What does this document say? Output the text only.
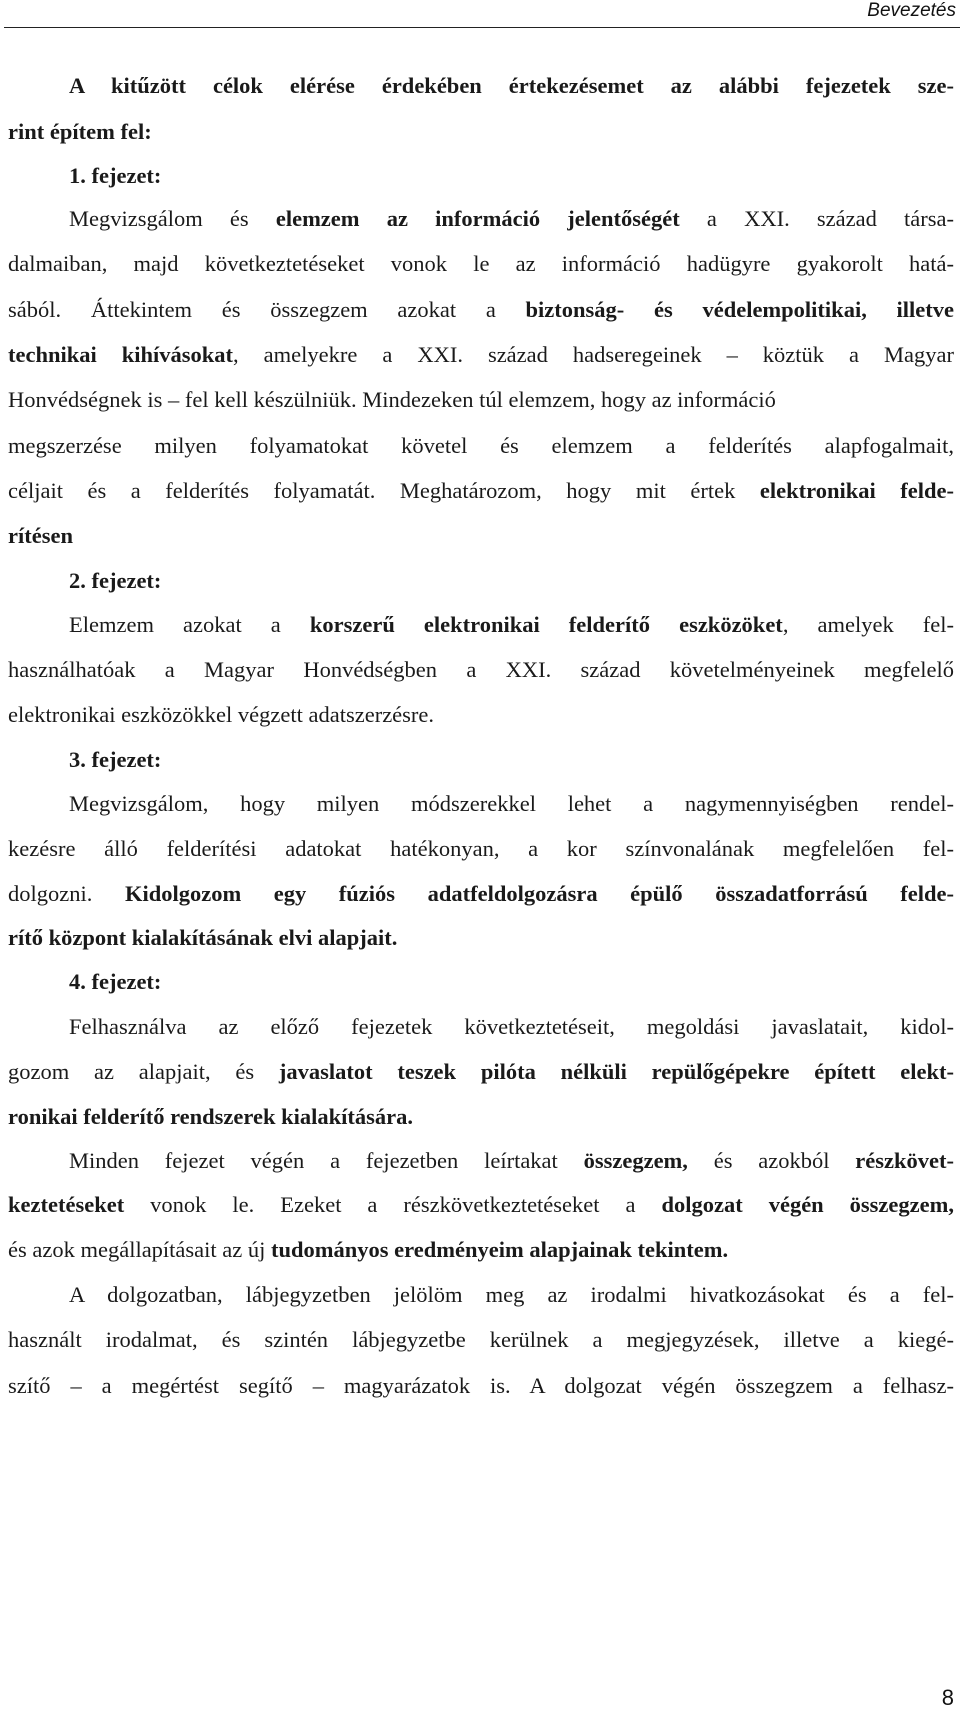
Bevezetés
A kitűzött célok elérése érdekében értekezésemet az alábbi fejezetek sze-
rint építem fel:
1. fejezet:
Megvizsgálom és elemzem az információ jelentőségét a XXI. század társa-
dalmaiban, majd következtetéseket vonok le az információ hadügyre gyakorolt hatá-
sából. Áttekintem és összegzem azokat a biztonság- és védelempolitikai, illetve
technikai kihívásokat, amelyekre a XXI. század hadseregeinek – köztük a Magyar
Honvédségnek is – fel kell készülniük. Mindezeken túl elemzem, hogy az információ
megszerzése milyen folyamatokat követel és elemzem a felderítés alapfogalmait,
céljait és a felderítés folyamatát. Meghatározom, hogy mit értek elektronikai felde-
rítésen
2. fejezet:
Elemzem azokat a korszerű elektronikai felderítő eszközöket, amelyek fel-
használhatóak a Magyar Honvédségben a XXI. század követelményeinek megfelelő
elektronikai eszközökkel végzett adatszerzésre.
3. fejezet:
Megvizsgálom, hogy milyen módszerekkel lehet a nagymennyiségben rendel-
kezésre álló felderítési adatokat hatékonyan, a kor színvonalának megfelelően fel-
dolgozni. Kidolgozom egy fúziós adatfeldolgozásra épülő összadatforrású felde-
rítő központ kialakításának elvi alapjait.
4. fejezet:
Felhasználva az előző fejezetek következtetéseit, megoldási javaslatait, kidol-
gozom az alapjait, és javaslatot teszek pilóta nélküli repülőgépekre épített elekt-
ronikai felderítő rendszerek kialakítására.
Minden fejezet végén a fejezetben leírtakat összegzem, és azokból részkövet-
keztetéseket vonok le. Ezeket a részkövetkeztetéseket a dolgozat végén összegzem,
és azok megállapításait az új tudományos eredményeim alapjainak tekintem.
A dolgozatban, lábjegyzetben jelölöm meg az irodalmi hivatkozásokat és a fel-
használt irodalmat, és szintén lábjegyzetbe kerülnek a megjegyzések, illetve a kiegé-
szítő – a megértést segítő – magyarázatok is. A dolgozat végén összegzem a felhasz-
8
